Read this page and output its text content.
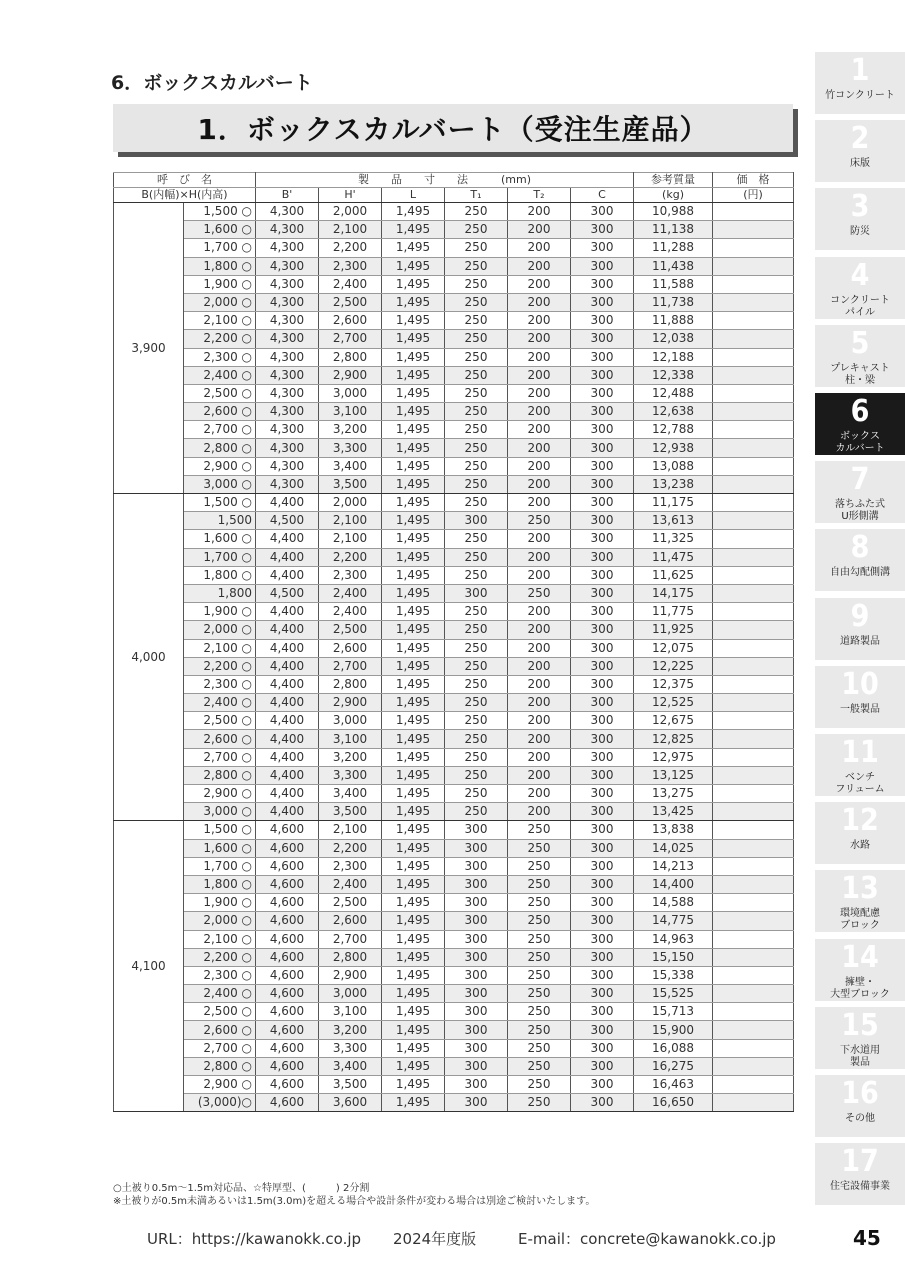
6．ボックスカルバート
1．ボックスカルバート（受注生産品）
呼　び　名		製　　品　　寸　　法　　　(mm)						参考質量	価　格
B(内幅)×H(内高)		B'	H'	L	T₁	T₂	C	(kg)	(円)
3,900	1,500 ○	4,300	2,000	1,495	250	200	300	10,988	
	1,600 ○	4,300	2,100	1,495	250	200	300	11,138	
	1,700 ○	4,300	2,200	1,495	250	200	300	11,288	
	1,800 ○	4,300	2,300	1,495	250	200	300	11,438	
	1,900 ○	4,300	2,400	1,495	250	200	300	11,588	
	2,000 ○	4,300	2,500	1,495	250	200	300	11,738	
	2,100 ○	4,300	2,600	1,495	250	200	300	11,888	
	2,200 ○	4,300	2,700	1,495	250	200	300	12,038	
	2,300 ○	4,300	2,800	1,495	250	200	300	12,188	
	2,400 ○	4,300	2,900	1,495	250	200	300	12,338	
	2,500 ○	4,300	3,000	1,495	250	200	300	12,488	
	2,600 ○	4,300	3,100	1,495	250	200	300	12,638	
	2,700 ○	4,300	3,200	1,495	250	200	300	12,788	
	2,800 ○	4,300	3,300	1,495	250	200	300	12,938	
	2,900 ○	4,300	3,400	1,495	250	200	300	13,088	
	3,000 ○	4,300	3,500	1,495	250	200	300	13,238	
4,000	1,500 ○	4,400	2,000	1,495	250	200	300	11,175	
	1,500	4,500	2,100	1,495	300	250	300	13,613	
	1,600 ○	4,400	2,100	1,495	250	200	300	11,325	
	1,700 ○	4,400	2,200	1,495	250	200	300	11,475	
	1,800 ○	4,400	2,300	1,495	250	200	300	11,625	
	1,800	4,500	2,400	1,495	300	250	300	14,175	
	1,900 ○	4,400	2,400	1,495	250	200	300	11,775	
	2,000 ○	4,400	2,500	1,495	250	200	300	11,925	
	2,100 ○	4,400	2,600	1,495	250	200	300	12,075	
	2,200 ○	4,400	2,700	1,495	250	200	300	12,225	
	2,300 ○	4,400	2,800	1,495	250	200	300	12,375	
	2,400 ○	4,400	2,900	1,495	250	200	300	12,525	
	2,500 ○	4,400	3,000	1,495	250	200	300	12,675	
	2,600 ○	4,400	3,100	1,495	250	200	300	12,825	
	2,700 ○	4,400	3,200	1,495	250	200	300	12,975	
	2,800 ○	4,400	3,300	1,495	250	200	300	13,125	
	2,900 ○	4,400	3,400	1,495	250	200	300	13,275	
	3,000 ○	4,400	3,500	1,495	250	200	300	13,425	
4,100	1,500 ○	4,600	2,100	1,495	300	250	300	13,838	
	1,600 ○	4,600	2,200	1,495	300	250	300	14,025	
	1,700 ○	4,600	2,300	1,495	300	250	300	14,213	
	1,800 ○	4,600	2,400	1,495	300	250	300	14,400	
	1,900 ○	4,600	2,500	1,495	300	250	300	14,588	
	2,000 ○	4,600	2,600	1,495	300	250	300	14,775	
	2,100 ○	4,600	2,700	1,495	300	250	300	14,963	
	2,200 ○	4,600	2,800	1,495	300	250	300	15,150	
	2,300 ○	4,600	2,900	1,495	300	250	300	15,338	
	2,400 ○	4,600	3,000	1,495	300	250	300	15,525	
	2,500 ○	4,600	3,100	1,495	300	250	300	15,713	
	2,600 ○	4,600	3,200	1,495	300	250	300	15,900	
	2,700 ○	4,600	3,300	1,495	300	250	300	16,088	
	2,800 ○	4,600	3,400	1,495	300	250	300	16,275	
	2,900 ○	4,600	3,500	1,495	300	250	300	16,463	
	(3,000)○	4,600	3,600	1,495	300	250	300	16,650	
○土被り0.5m～1.5m対応品、☆特厚型、(　　　) 2分割
※土被りが0.5m未満あるいは1.5m(3.0m)を超える場合や設計条件が変わる場合は別途ご検討いたします。
URL：https://kawanokk.co.jp 2024年度版	E-mail：concrete@kawanokk.co.jp	45
1
竹コンクリート
2
床版
3
防災
4
コンクリート
パイル
5
プレキャスト
柱・梁
6
ボックス
カルバート
7
落ちふた式
U形側溝
8
自由勾配側溝
9
道路製品
10
一般製品
11
ベンチ
フリューム
12
水路
13
環境配慮
ブロック
14
擁壁・
大型ブロック
15
下水道用
製品
16
その他
17
住宅設備事業
